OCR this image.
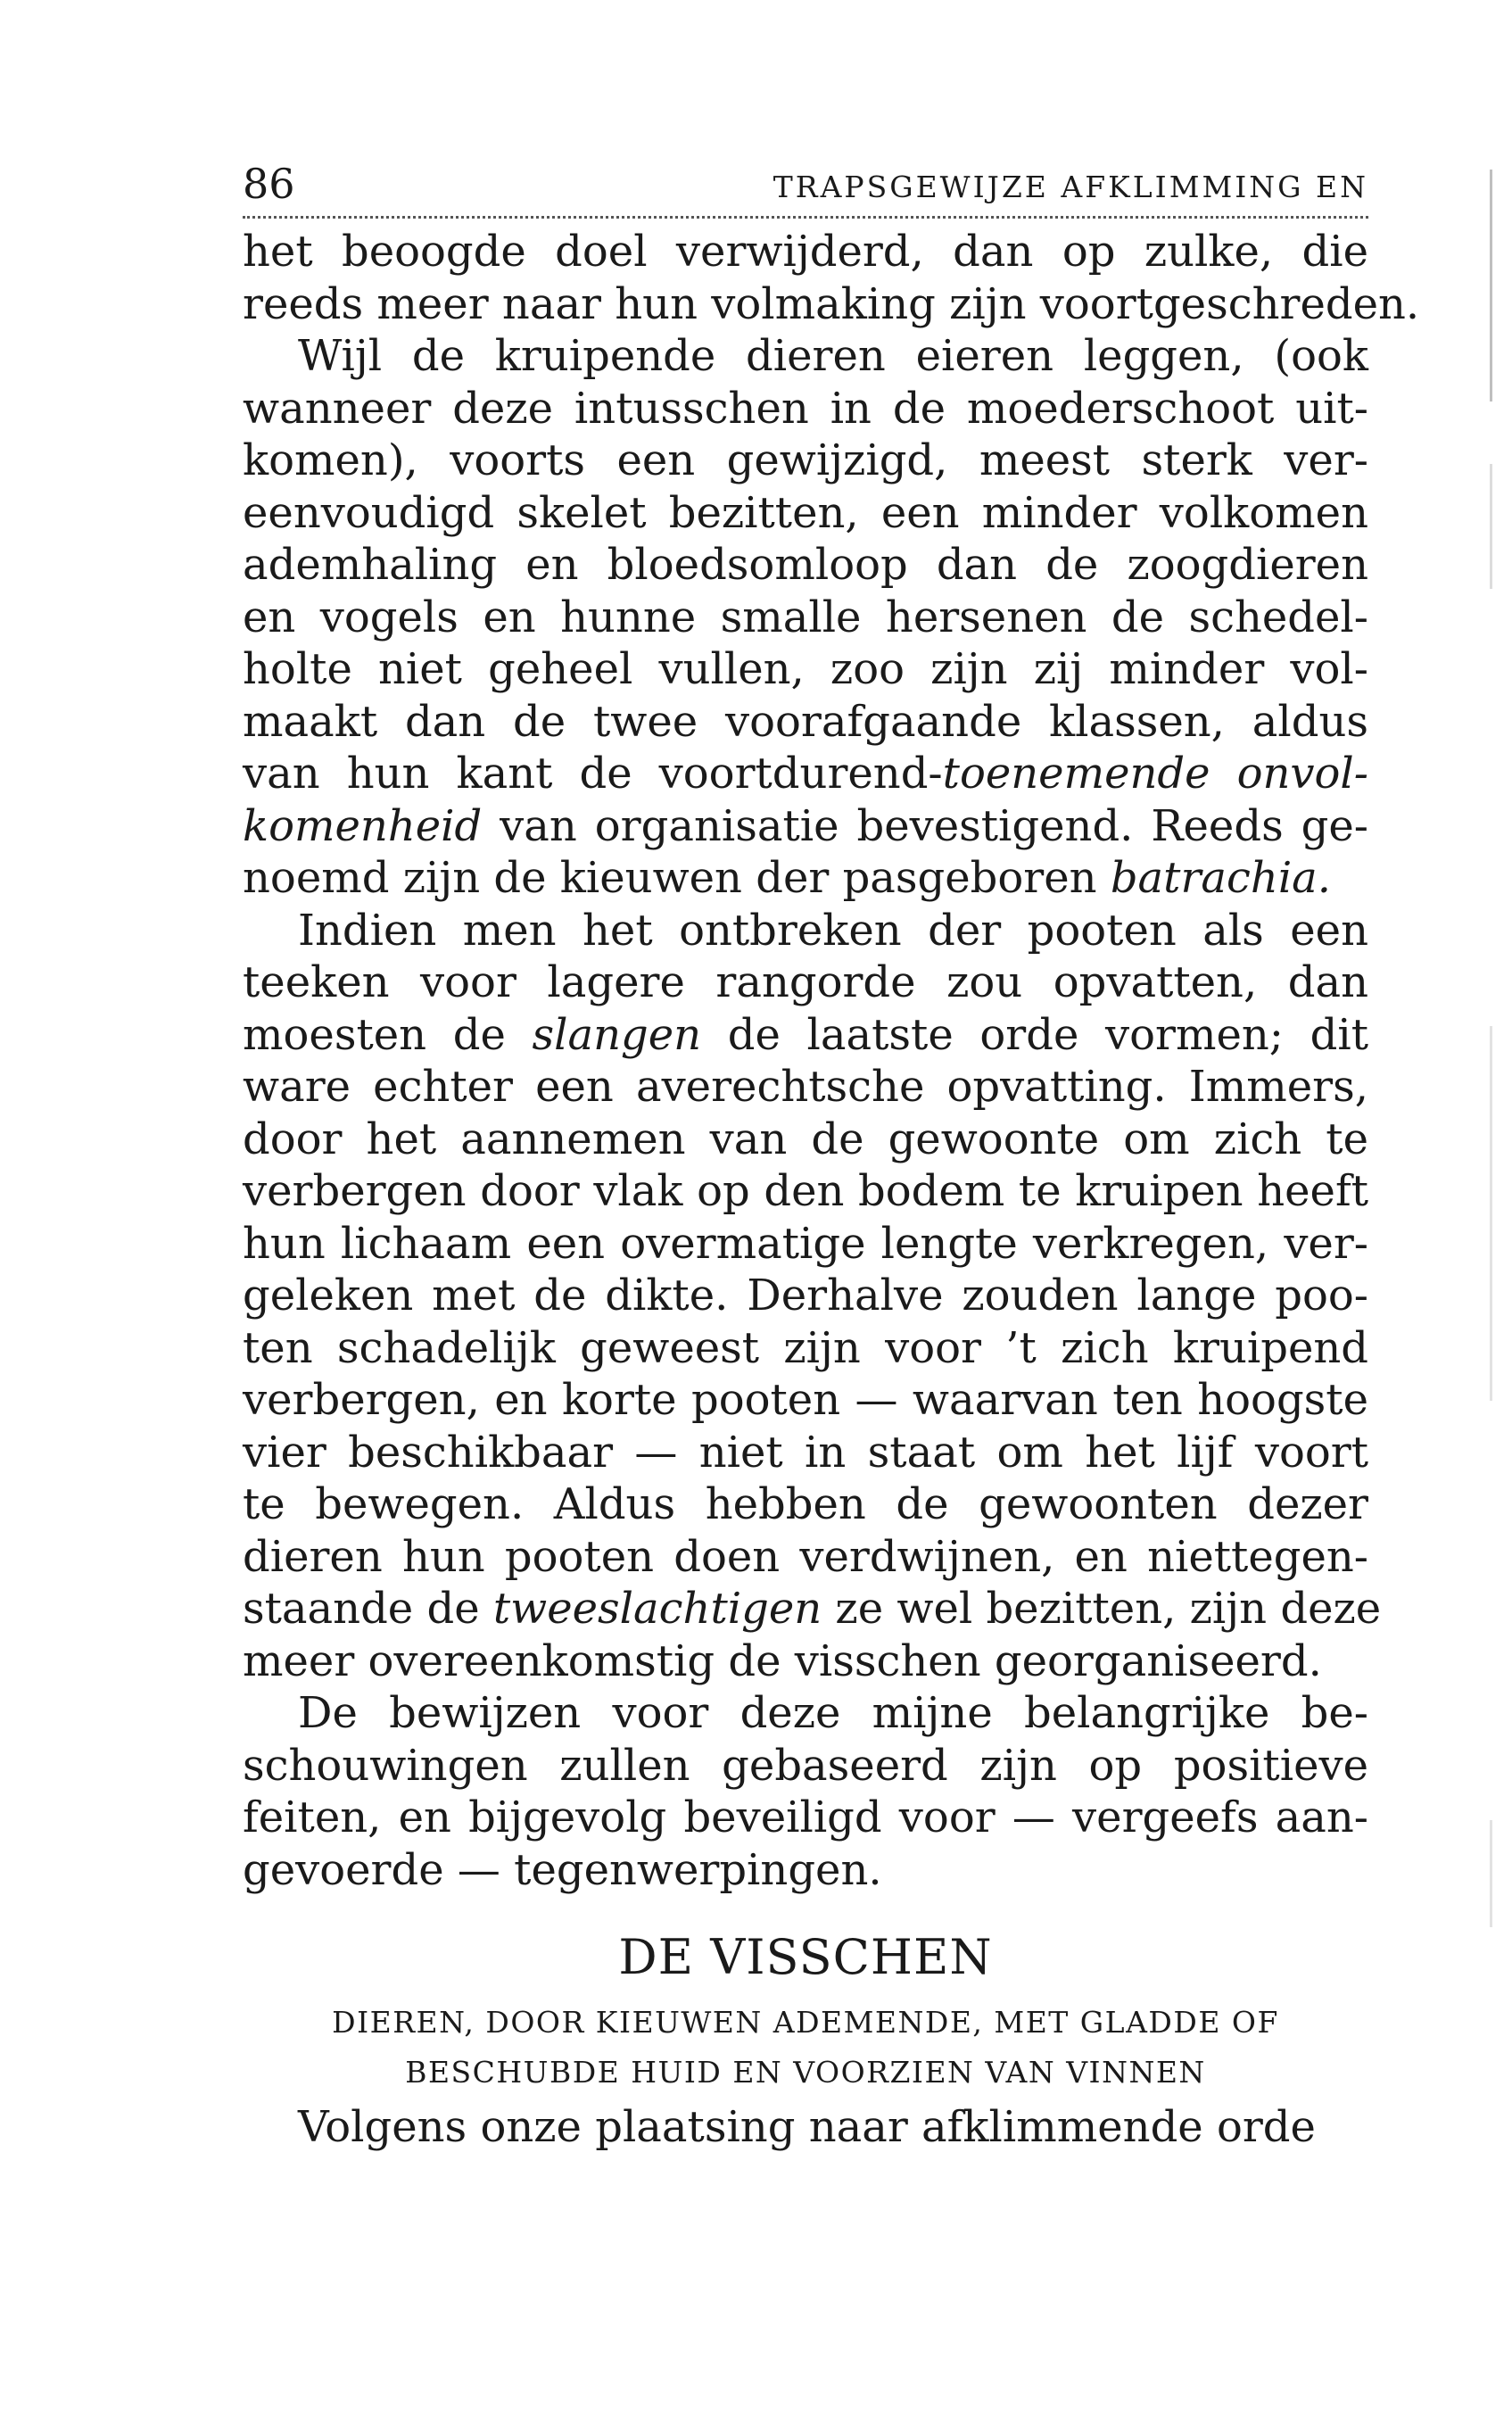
86	TRAPSGEWIJZE AFKLIMMING EN
het beoogde doel verwijderd, dan op zulke, die
reeds meer naar hun volmaking zijn voortgeschreden.
Wijl de kruipende dieren eieren leggen, (ook
wanneer deze intusschen in de moederschoot uit-
komen), voorts een gewijzigd, meest sterk ver-
eenvoudigd skelet bezitten, een minder volkomen
ademhaling en bloedsomloop dan de zoogdieren
en vogels en hunne smalle hersenen de schedel-
holte niet geheel vullen, zoo zijn zij minder vol-
maakt dan de twee voorafgaande klassen, aldus
van hun kant de voortdurend-toenemende onvol-
komenheid van organisatie bevestigend. Reeds ge-
noemd zijn de kieuwen der pasgeboren batrachia.
Indien men het ontbreken der pooten als een
teeken voor lagere rangorde zou opvatten, dan
moesten de slangen de laatste orde vormen; dit
ware echter een averechtsche opvatting. Immers,
door het aannemen van de gewoonte om zich te
verbergen door vlak op den bodem te kruipen heeft
hun lichaam een overmatige lengte verkregen, ver-
geleken met de dikte. Derhalve zouden lange poo-
ten schadelijk geweest zijn voor ’t zich kruipend
verbergen, en korte pooten — waarvan ten hoogste
vier beschikbaar — niet in staat om het lijf voort
te bewegen. Aldus hebben de gewoonten dezer
dieren hun pooten doen verdwijnen, en niettegen-
staande de tweeslachtigen ze wel bezitten, zijn deze
meer overeenkomstig de visschen georganiseerd.
De bewijzen voor deze mijne belangrijke be-
schouwingen zullen gebaseerd zijn op positieve
feiten, en bijgevolg beveiligd voor — vergeefs aan-
gevoerde — tegenwerpingen.
DE VISSCHEN
DIEREN, DOOR KIEUWEN ADEMENDE, MET GLADDE OF
BESCHUBDE HUID EN VOORZIEN VAN VINNEN
Volgens onze plaatsing naar afklimmende orde
